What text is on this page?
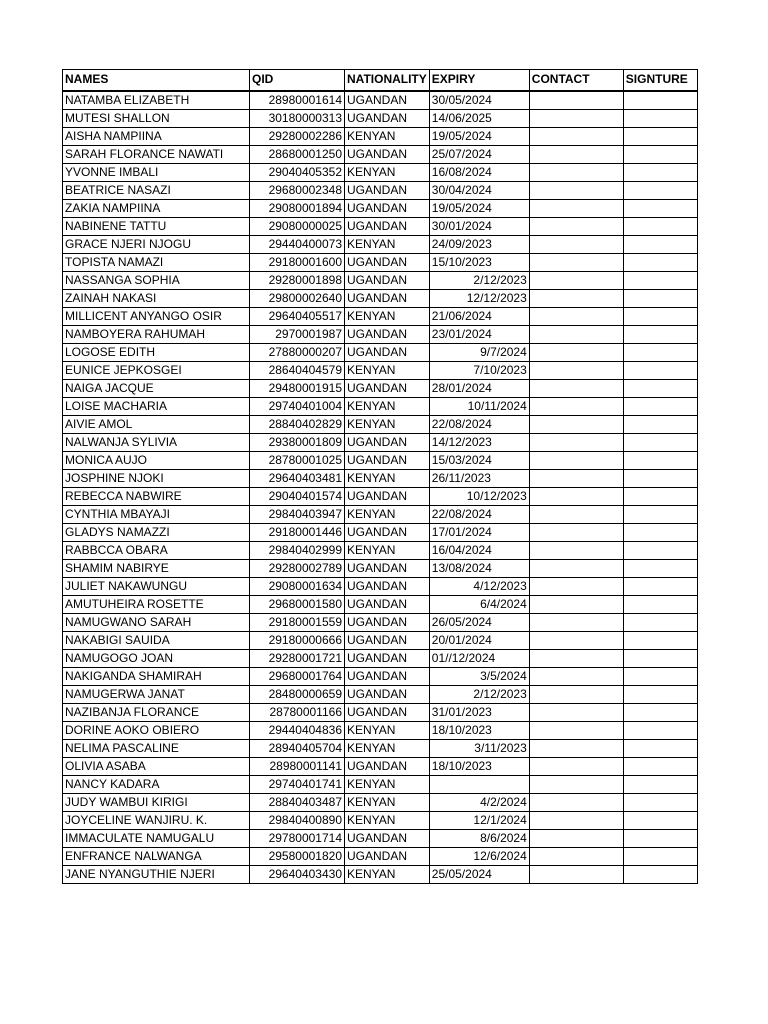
NAMES	QID	NATIONALITY	EXPIRY	CONTACT	SIGNTURE
NATAMBA ELIZABETH	28980001614	UGANDAN	30/05/2024		
MUTESI SHALLON	30180000313	UGANDAN	14/06/2025		
AISHA NAMPIINA	29280002286	KENYAN	19/05/2024		
SARAH FLORANCE NAWATI	28680001250	UGANDAN	25/07/2024		
YVONNE IMBALI	29040405352	KENYAN	16/08/2024		
BEATRICE NASAZI	29680002348	UGANDAN	30/04/2024		
ZAKIA NAMPIINA	29080001894	UGANDAN	19/05/2024		
NABINENE TATTU	29080000025	UGANDAN	30/01/2024		
GRACE NJERI NJOGU	29440400073	KENYAN	24/09/2023		
TOPISTA NAMAZI	29180001600	UGANDAN	15/10/2023		
NASSANGA SOPHIA	29280001898	UGANDAN	2/12/2023		
ZAINAH NAKASI	29800002640	UGANDAN	12/12/2023		
MILLICENT ANYANGO OSIR	29640405517	KENYAN	21/06/2024		
NAMBOYERA RAHUMAH	2970001987	UGANDAN	23/01/2024		
LOGOSE EDITH	27880000207	UGANDAN	9/7/2024		
EUNICE JEPKOSGEI	28640404579	KENYAN	7/10/2023		
NAIGA JACQUE	29480001915	UGANDAN	28/01/2024		
LOISE MACHARIA	29740401004	KENYAN	10/11/2024		
AIVIE AMOL	28840402829	KENYAN	22/08/2024		
NALWANJA SYLIVIA	29380001809	UGANDAN	14/12/2023		
MONICA AUJO	28780001025	UGANDAN	15/03/2024		
JOSPHINE NJOKI	29640403481	KENYAN	26/11/2023		
REBECCA NABWIRE	29040401574	UGANDAN	10/12/2023		
CYNTHIA MBAYAJI	29840403947	KENYAN	22/08/2024		
GLADYS NAMAZZI	29180001446	UGANDAN	17/01/2024		
RABBCCA OBARA	29840402999	KENYAN	16/04/2024		
SHAMIM NABIRYE	29280002789	UGANDAN	13/08/2024		
JULIET NAKAWUNGU	29080001634	UGANDAN	4/12/2023		
AMUTUHEIRA ROSETTE	29680001580	UGANDAN	6/4/2024		
NAMUGWANO SARAH	29180001559	UGANDAN	26/05/2024		
NAKABIGI SAUIDA	29180000666	UGANDAN	20/01/2024		
NAMUGOGO JOAN	29280001721	UGANDAN	01//12/2024		
NAKIGANDA SHAMIRAH	29680001764	UGANDAN	3/5/2024		
NAMUGERWA JANAT	28480000659	UGANDAN	2/12/2023		
NAZIBANJA FLORANCE	28780001166	UGANDAN	31/01/2023		
DORINE AOKO OBIERO	29440404836	KENYAN	18/10/2023		
NELIMA PASCALINE	28940405704	KENYAN	3/11/2023		
OLIVIA ASABA	28980001141	UGANDAN	18/10/2023		
NANCY KADARA	29740401741	KENYAN			
JUDY WAMBUI KIRIGI	28840403487	KENYAN	4/2/2024		
JOYCELINE WANJIRU. K.	29840400890	KENYAN	12/1/2024		
IMMACULATE NAMUGALU	29780001714	UGANDAN	8/6/2024		
ENFRANCE NALWANGA	29580001820	UGANDAN	12/6/2024		
JANE NYANGUTHIE NJERI	29640403430	KENYAN	25/05/2024		
